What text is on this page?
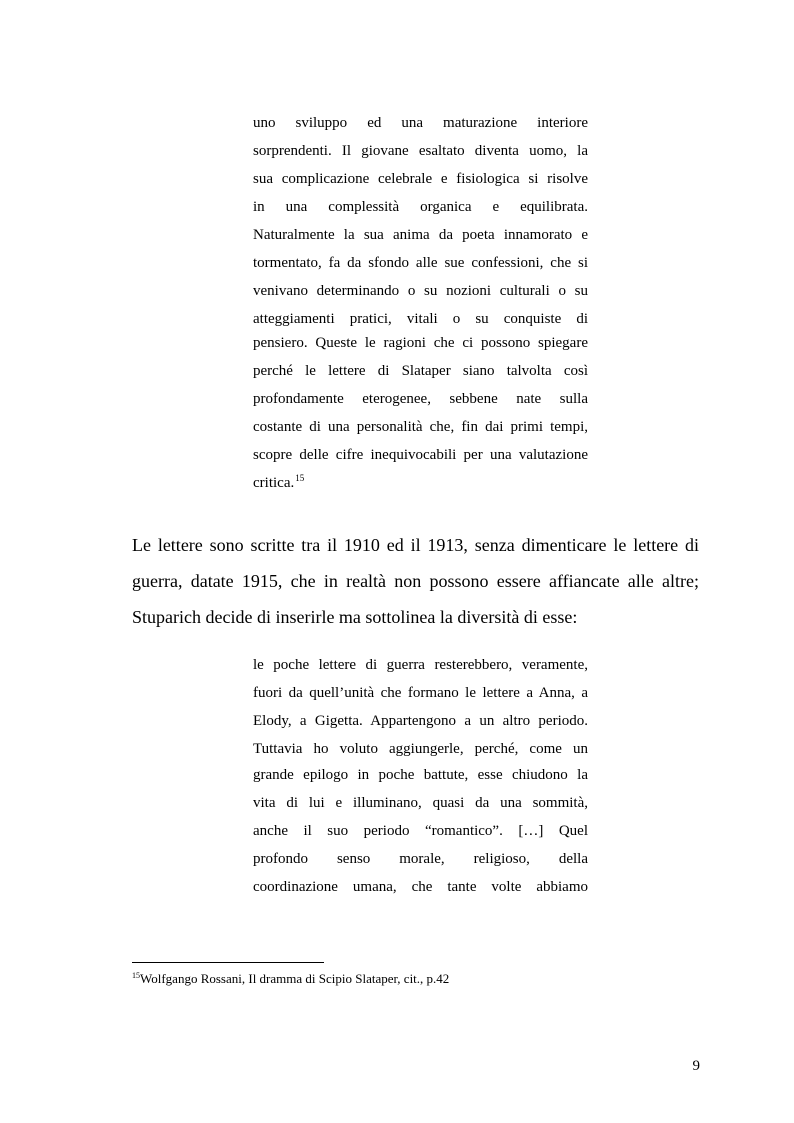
uno sviluppo ed una maturazione interiore
sorprendenti. Il giovane esaltato diventa uomo, la
sua complicazione celebrale e fisiologica si risolve
in una complessità organica e equilibrata.
Naturalmente la sua anima da poeta innamorato e
tormentato, fa da sfondo alle sue confessioni, che si
venivano determinando o su nozioni culturali o su
atteggiamenti pratici, vitali o su conquiste di
pensiero. Queste le ragioni che ci possono spiegare
perché le lettere di Slataper siano talvolta così
profondamente eterogenee, sebbene nate sulla
costante di una personalità che, fin dai primi tempi,
scopre delle cifre inequivocabili per una valutazione
critica.$^{15}$
Le lettere sono scritte tra il 1910 ed il 1913, senza dimenticare le lettere di
guerra, datate 1915, che in realtà non possono essere affiancate alle altre;
Stuparich decide di inserirle ma sottolinea la diversità di esse:
le poche lettere di guerra resterebbero, veramente,
fuori da quell’unità che formano le lettere a Anna, a
Elody, a Gigetta. Appartengono a un altro periodo.
Tuttavia ho voluto aggiungerle, perché, come un
grande epilogo in poche battute, esse chiudono la
vita di lui e illuminano, quasi da una sommità,
anche il suo periodo “romantico”. […] Quel
profondo senso morale, religioso, della
coordinazione umana, che tante volte abbiamo
$^{15}$Wolfgango Rossani, Il dramma di Scipio Slataper, cit., p.42
9
